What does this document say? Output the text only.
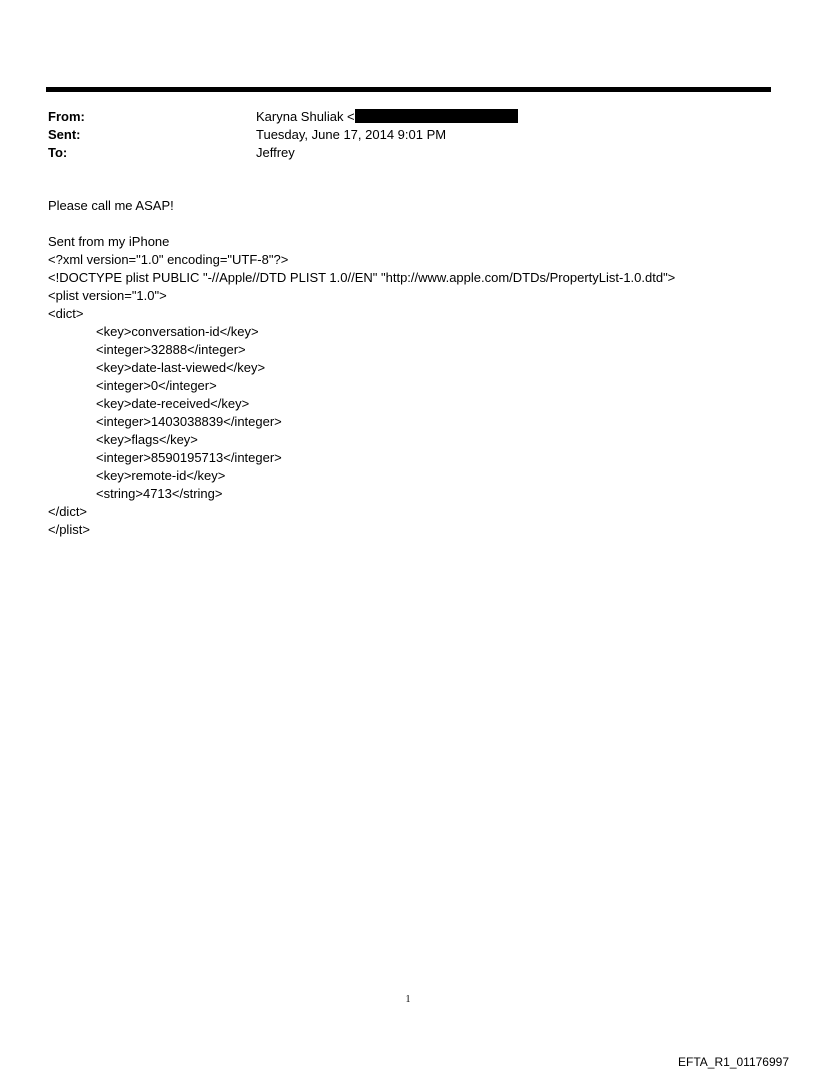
From:	Karyna Shuliak <
Sent:	Tuesday, June 17, 2014 9:01 PM
To:	Jeffrey
Please call me ASAP!
Sent from my iPhone
<?xml version="1.0" encoding="UTF-8"?>
<!DOCTYPE plist PUBLIC "-//Apple//DTD PLIST 1.0//EN" "http://www.apple.com/DTDs/PropertyList-1.0.dtd">
<plist version="1.0">
<dict>
<key>conversation-id</key>
<integer>32888</integer>
<key>date-last-viewed</key>
<integer>0</integer>
<key>date-received</key>
<integer>1403038839</integer>
<key>flags</key>
<integer>8590195713</integer>
<key>remote-id</key>
<string>4713</string>
</dict>
</plist>
1
EFTA_R1_01176997
